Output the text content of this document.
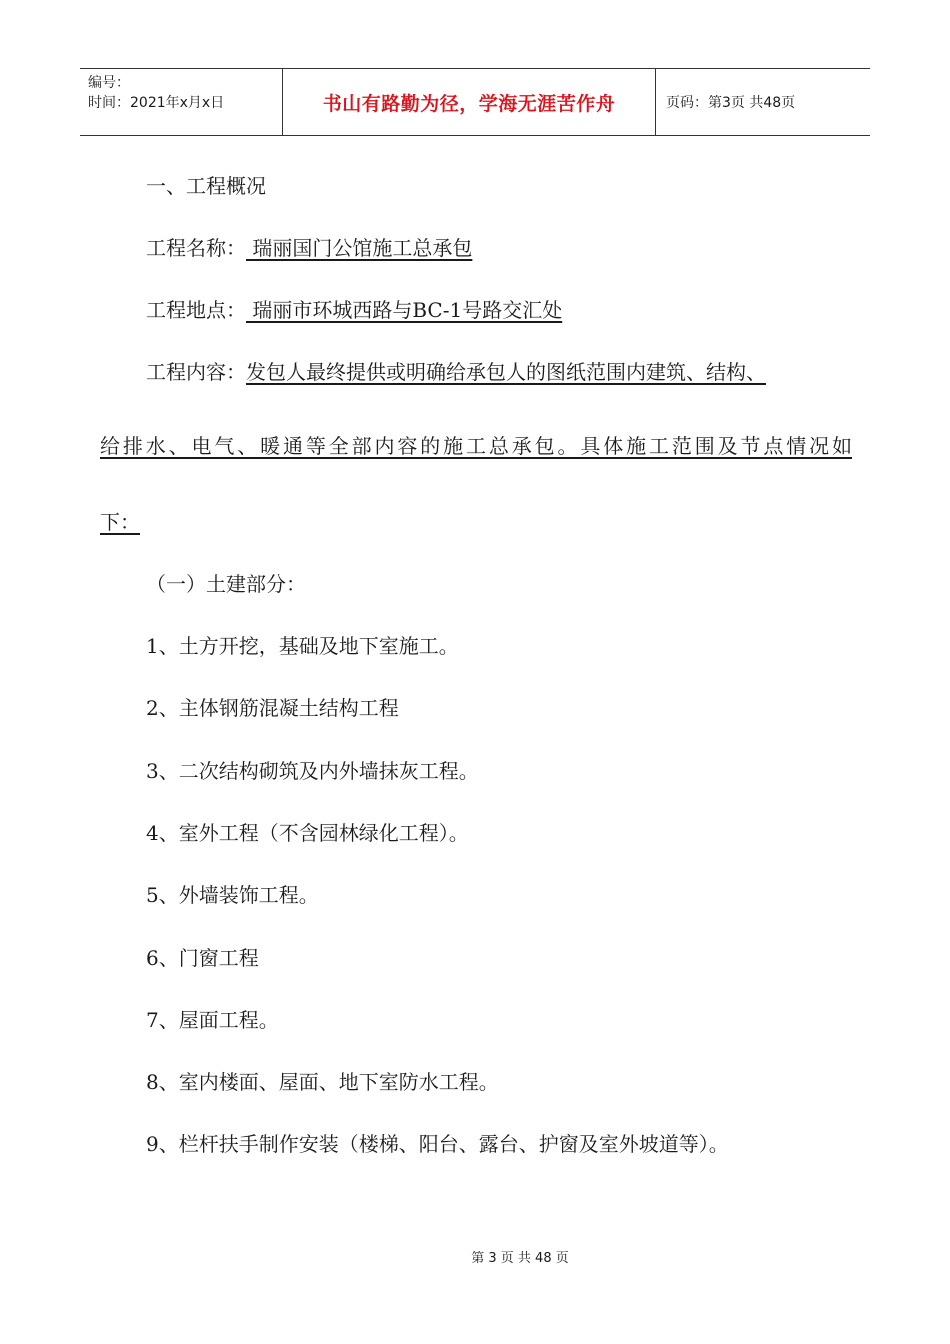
编号：
时间：2021年x月x日	书山有路勤为径，学海无涯苦作舟	页码：第3页 共48页
一、工程概况
工程名称： 瑞丽国门公馆施工总承包
工程地点： 瑞丽市环城西路与BC-1号路交汇处
工程内容：发包人最终提供或明确给承包人的图纸范围内建筑、结构、
给排水、电气、暖通等全部内容的施工总承包。具体施工范围及节点情况如
下：
（一）土建部分：
1、土方开挖，基础及地下室施工。
2、主体钢筋混凝土结构工程
3、二次结构砌筑及内外墙抹灰工程。
4、室外工程（不含园林绿化工程）。
5、外墙装饰工程。
6、门窗工程
7、屋面工程。
8、室内楼面、屋面、地下室防水工程。
9、栏杆扶手制作安装（楼梯、阳台、露台、护窗及室外坡道等）。
第 3 页 共 48 页
